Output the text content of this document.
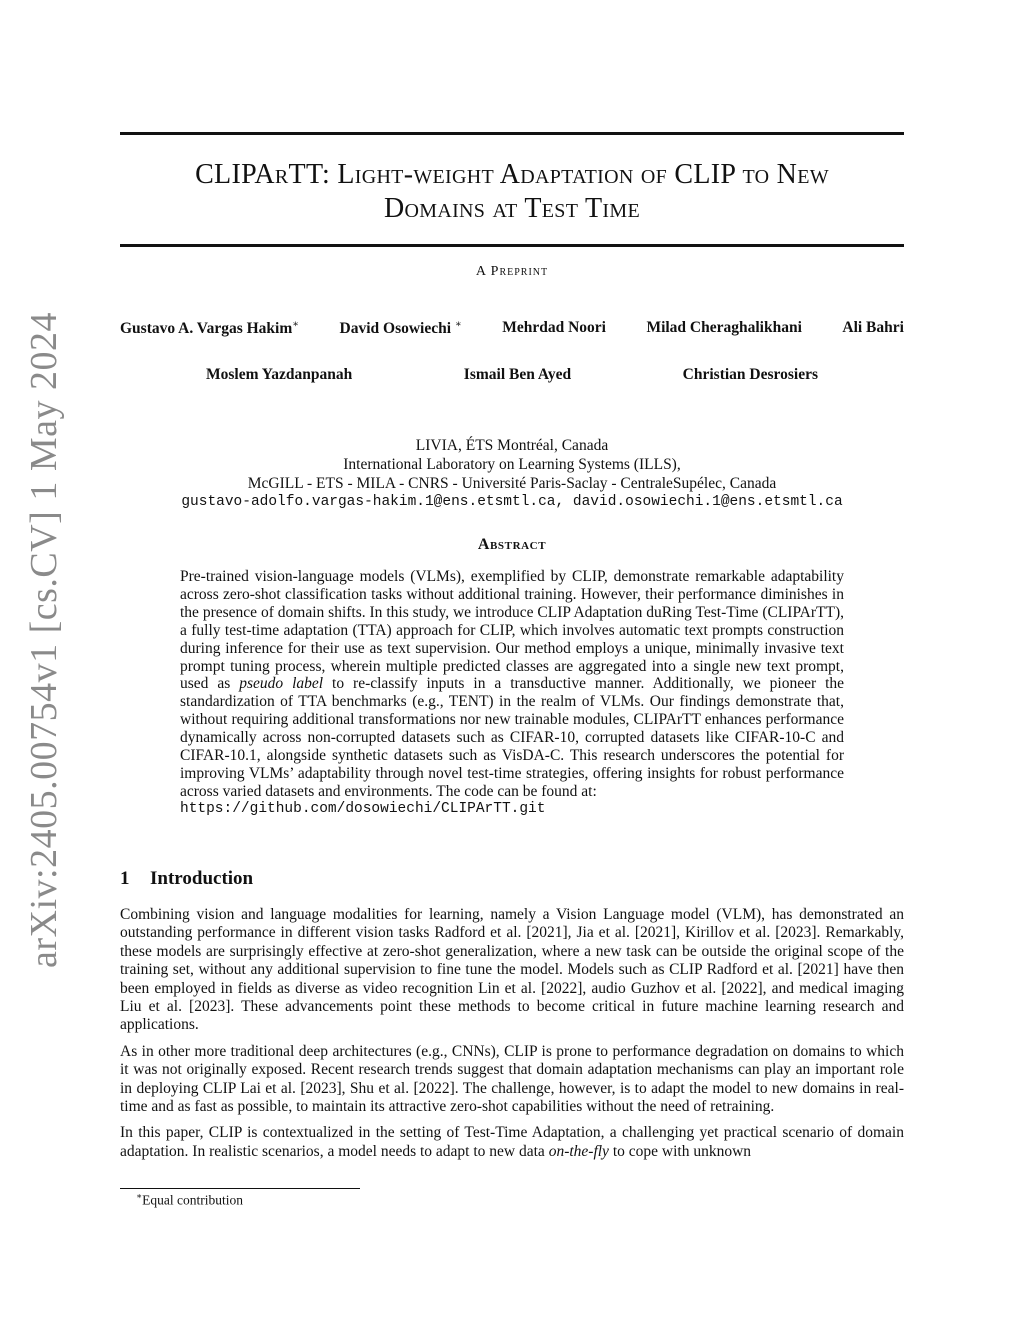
arXiv:2405.00754v1 [cs.CV] 1 May 2024
CLIPArTT: Light-weight Adaptation of CLIP to New
Domains at Test Time
A Preprint
Gustavo A. Vargas Hakim∗	David Osowiechi ∗	Mehrdad Noori	Milad Cheraghalikhani	Ali Bahri
Moslem Yazdanpanah	Ismail Ben Ayed	Christian Desrosiers
LIVIA, ÉTS Montréal, Canada
International Laboratory on Learning Systems (ILLS),
McGILL - ETS - MILA - CNRS - Université Paris-Saclay - CentraleSupélec, Canada
gustavo-adolfo.vargas-hakim.1@ens.etsmtl.ca, david.osowiechi.1@ens.etsmtl.ca
Abstract
Pre-trained vision-language models (VLMs), exemplified by CLIP, demonstrate remarkable adaptability across zero-shot classification tasks without additional training. However, their performance diminishes in the presence of domain shifts. In this study, we introduce CLIP Adaptation duRing Test-Time (CLIPArTT), a fully test-time adaptation (TTA) approach for CLIP, which involves automatic text prompts construction during inference for their use as text supervision. Our method employs a unique, minimally invasive text prompt tuning process, wherein multiple predicted classes are aggregated into a single new text prompt, used as pseudo label to re-classify inputs in a transductive manner. Additionally, we pioneer the standardization of TTA benchmarks (e.g., TENT) in the realm of VLMs. Our findings demonstrate that, without requiring additional transformations nor new trainable modules, CLIPArTT enhances performance dynamically across non-corrupted datasets such as CIFAR-10, corrupted datasets like CIFAR-10-C and CIFAR-10.1, alongside synthetic datasets such as VisDA-C. This research underscores the potential for improving VLMs’ adaptability through novel test-time strategies, offering insights for robust performance across varied datasets and environments. The code can be found at:
https://github.com/dosowiechi/CLIPArTT.git
1 Introduction

Combining vision and language modalities for learning, namely a Vision Language model (VLM), has demonstrated an outstanding performance in different vision tasks Radford et al. [2021], Jia et al. [2021], Kirillov et al. [2023]. Remarkably, these models are surprisingly effective at zero-shot generalization, where a new task can be outside the original scope of the training set, without any additional supervision to fine tune the model. Models such as CLIP Radford et al. [2021] have then been employed in fields as diverse as video recognition Lin et al. [2022], audio Guzhov et al. [2022], and medical imaging Liu et al. [2023]. These advancements point these methods to become critical in future machine learning research and applications.

As in other more traditional deep architectures (e.g., CNNs), CLIP is prone to performance degradation on domains to which it was not originally exposed. Recent research trends suggest that domain adaptation mechanisms can play an important role in deploying CLIP Lai et al. [2023], Shu et al. [2022]. The challenge, however, is to adapt the model to new domains in real-time and as fast as possible, to maintain its attractive zero-shot capabilities without the need of retraining.

In this paper, CLIP is contextualized in the setting of Test-Time Adaptation, a challenging yet practical scenario of domain adaptation. In realistic scenarios, a model needs to adapt to new data on-the-fly to cope with unknown

∗Equal contribution
